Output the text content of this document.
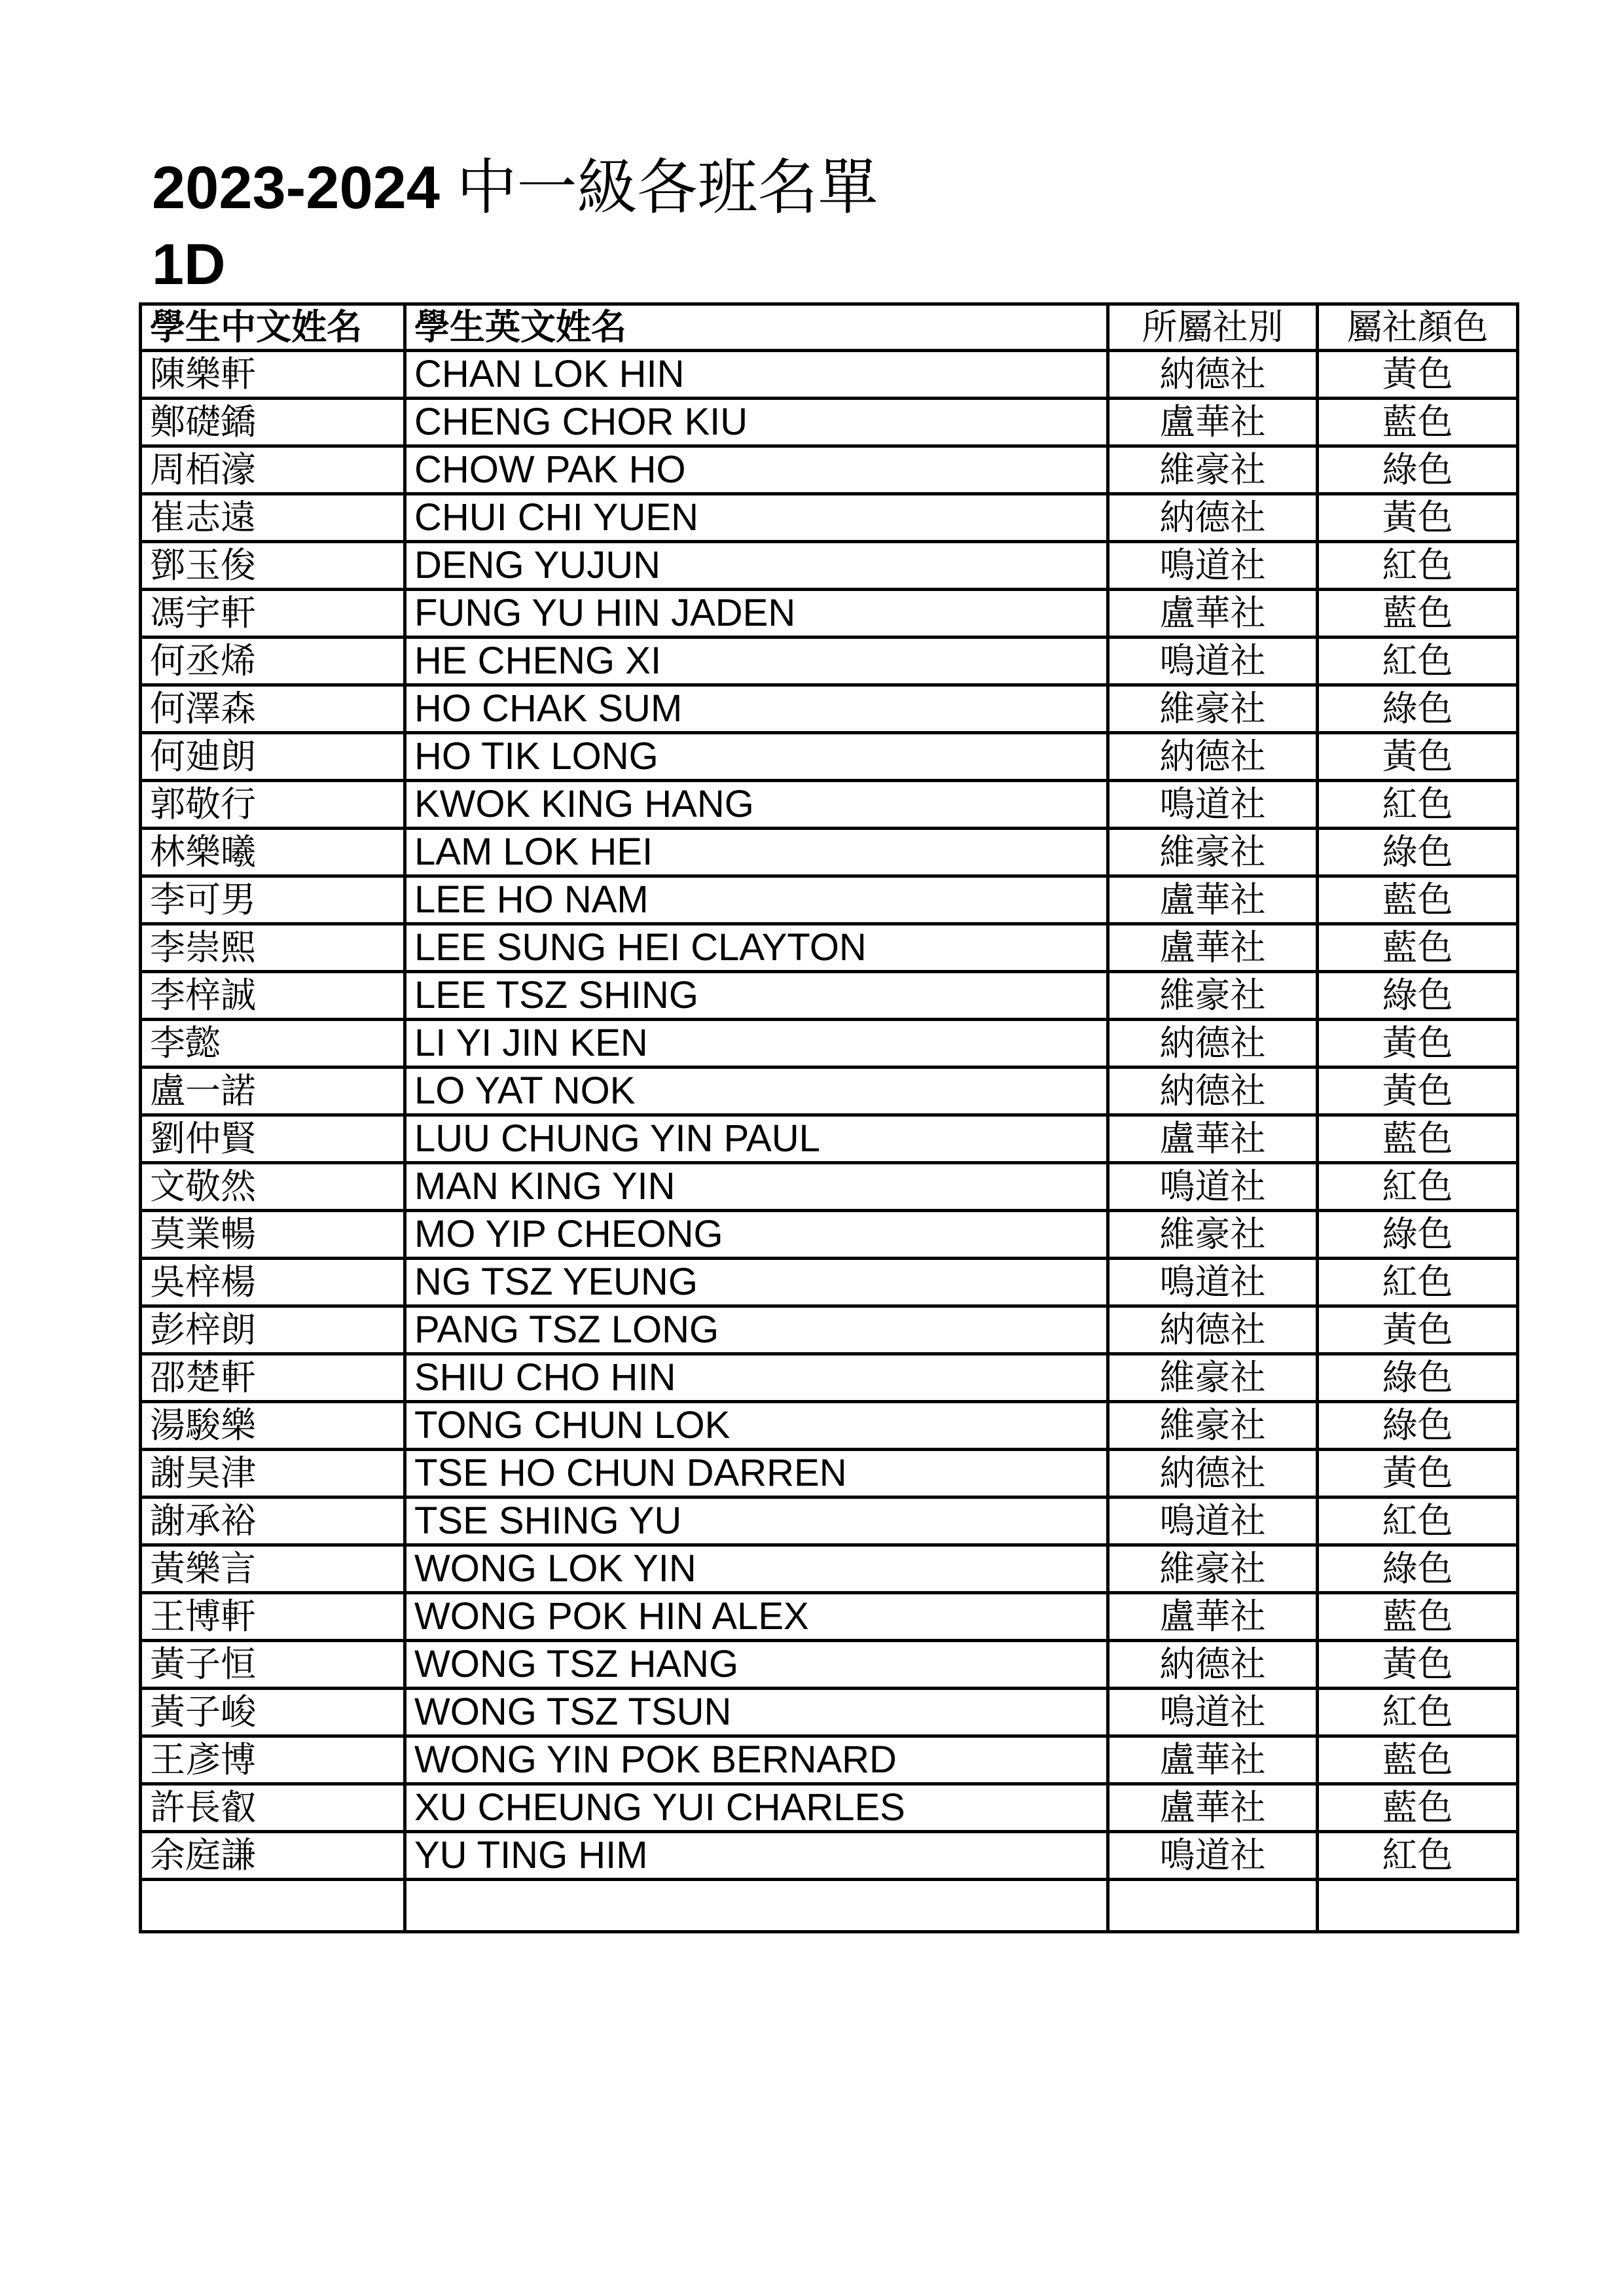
2023-2024 中一級各班名單
1D
學生中文姓名	學生英文姓名	所屬社別	屬社顏色
陳樂軒	CHAN LOK HIN	納德社	黃色
鄭礎鐈	CHENG CHOR KIU	盧華社	藍色
周栢濠	CHOW PAK HO	維豪社	綠色
崔志遠	CHUI CHI YUEN	納德社	黃色
鄧玉俊	DENG YUJUN	鳴道社	紅色
馮宇軒	FUNG YU HIN JADEN	盧華社	藍色
何丞烯	HE CHENG XI	鳴道社	紅色
何澤森	HO CHAK SUM	維豪社	綠色
何廸朗	HO TIK LONG	納德社	黃色
郭敬行	KWOK KING HANG	鳴道社	紅色
林樂曦	LAM LOK HEI	維豪社	綠色
李可男	LEE HO NAM	盧華社	藍色
李崇熙	LEE SUNG HEI CLAYTON	盧華社	藍色
李梓誠	LEE TSZ SHING	維豪社	綠色
李懿	LI YI JIN KEN	納德社	黃色
盧一諾	LO YAT NOK	納德社	黃色
劉仲賢	LUU CHUNG YIN PAUL	盧華社	藍色
文敬然	MAN KING YIN	鳴道社	紅色
莫業暢	MO YIP CHEONG	維豪社	綠色
吳梓楊	NG TSZ YEUNG	鳴道社	紅色
彭梓朗	PANG TSZ LONG	納德社	黃色
邵楚軒	SHIU CHO HIN	維豪社	綠色
湯駿樂	TONG CHUN LOK	維豪社	綠色
謝昊津	TSE HO CHUN DARREN	納德社	黃色
謝承裕	TSE SHING YU	鳴道社	紅色
黃樂言	WONG LOK YIN	維豪社	綠色
王博軒	WONG POK HIN ALEX	盧華社	藍色
黃子恒	WONG TSZ HANG	納德社	黃色
黃子峻	WONG TSZ TSUN	鳴道社	紅色
王彥博	WONG YIN POK BERNARD	盧華社	藍色
許長叡	XU CHEUNG YUI CHARLES	盧華社	藍色
余庭謙	YU TING HIM	鳴道社	紅色
